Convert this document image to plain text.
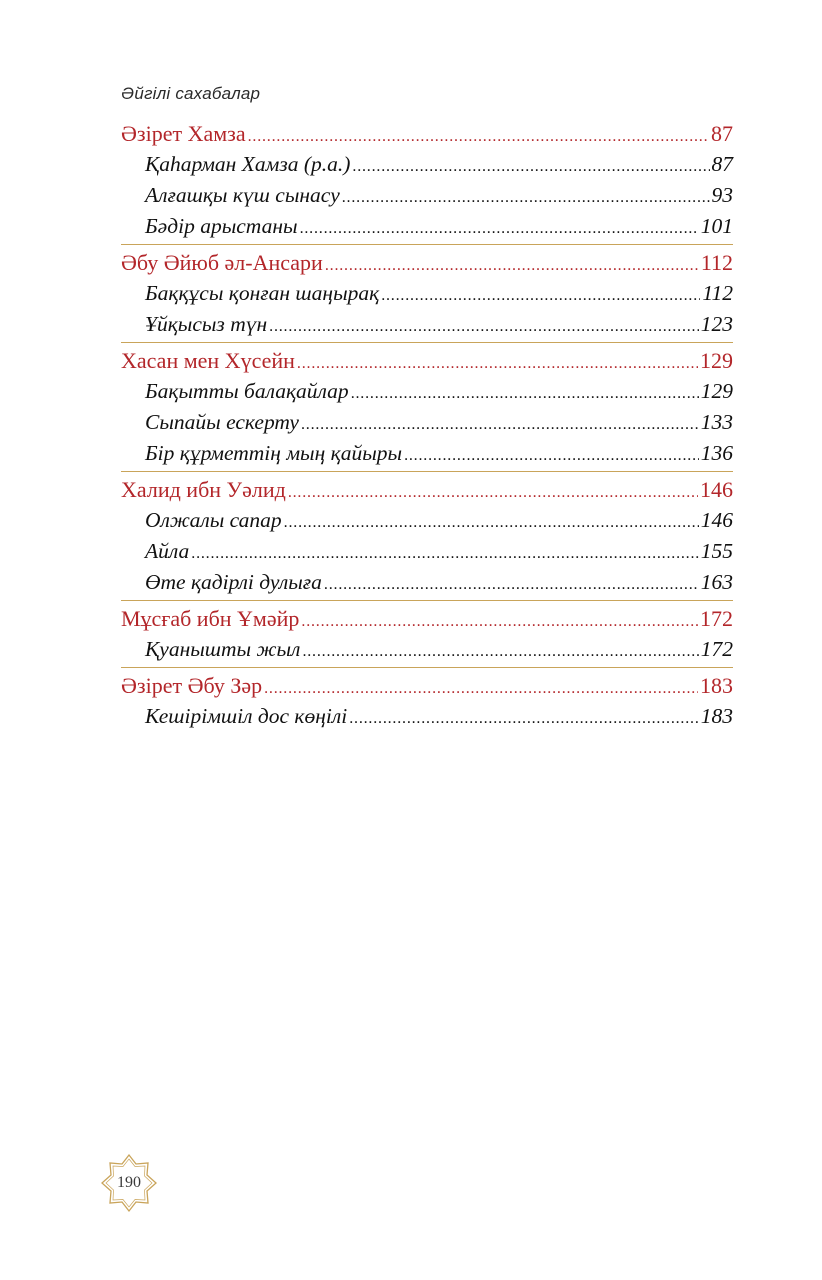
Әйгілі сахабалар
Әзірет Хамза . . .	87
Қаһарман Хамза (р.а.) . . .	87
Алғашқы күш сынасу . . .	93
Бәдір арыстаны . . .	101
Әбу Әйюб әл-Ансари . . .	112
Баққұсы қонған шаңырақ . . .	112
Ұйқысыз түн . . .	123
Хасан мен Хүсейн . . .	129
Бақытты балақайлар . . .	129
Сыпайы ескерту . . .	133
Бір құрметтің мың қайыры . . .	136
Халид ибн Уәлид . . .	146
Олжалы сапар . . .	146
Айла . . .	155
Өте қадірлі дулыға . . .	163
Мұсғаб ибн Ұмәйр . . .	172
Қуанышты жыл . . .	172
Әзірет Әбу Зәр . . .	183
Кешірімшіл дос көңілі . . .	183
190
